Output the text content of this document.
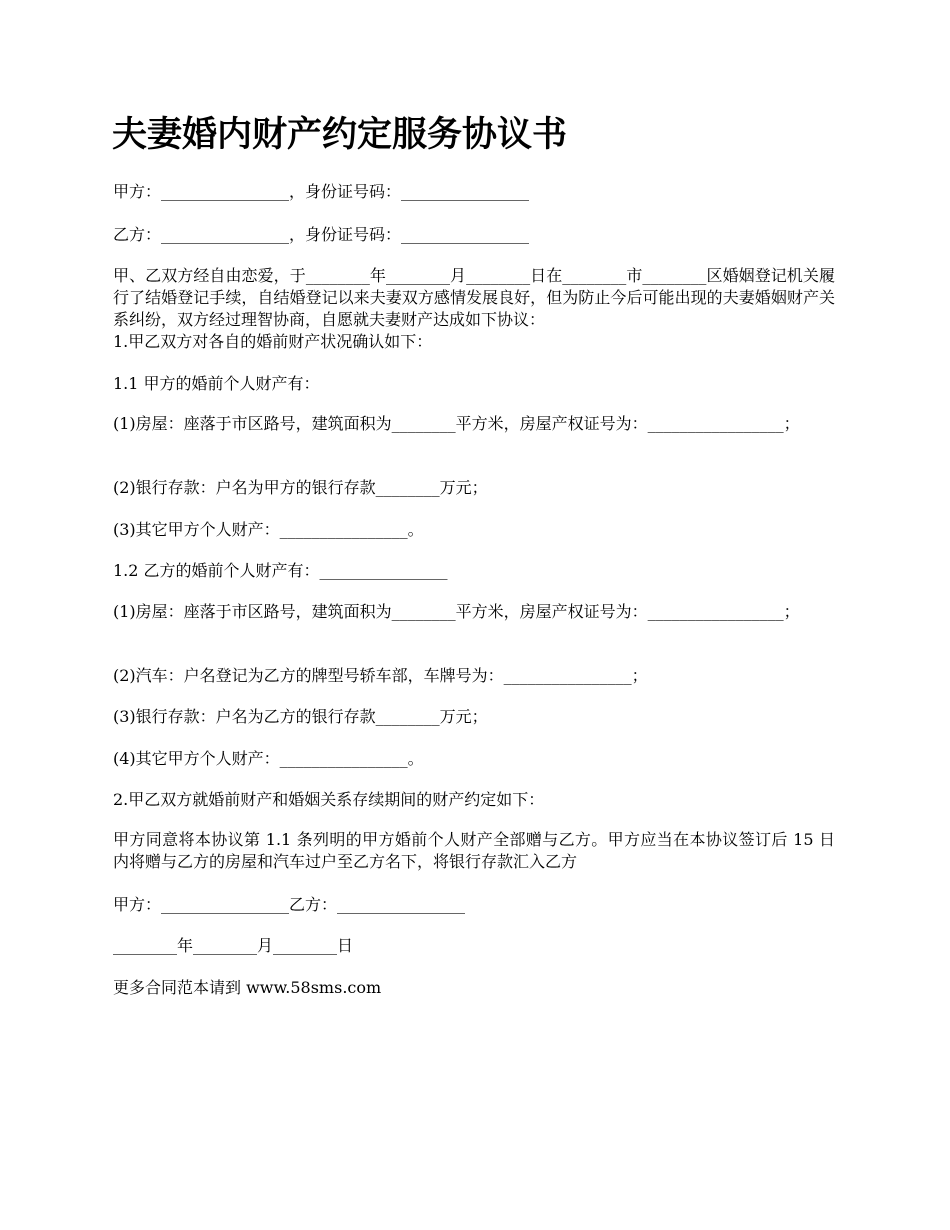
夫妻婚内财产约定服务协议书

甲方：________________，身份证号码：________________

乙方：________________，身份证号码：________________

甲、乙双方经自由恋爱，于________年________月________日在________市________区婚姻登记机关履行了结婚登记手续，自结婚登记以来夫妻双方感情发展良好，但为防止今后可能出现的夫妻婚姻财产关系纠纷，双方经过理智协商，自愿就夫妻财产达成如下协议：

1.甲乙双方对各自的婚前财产状况确认如下：

1.1 甲方的婚前个人财产有：

(1)房屋：座落于市区路号，建筑面积为________平方米，房屋产权证号为：_________________；

(2)银行存款：户名为甲方的银行存款________万元；

(3)其它甲方个人财产：________________。

1.2 乙方的婚前个人财产有：________________

(1)房屋：座落于市区路号，建筑面积为________平方米，房屋产权证号为：_________________；

(2)汽车：户名登记为乙方的牌型号轿车部，车牌号为：________________；

(3)银行存款：户名为乙方的银行存款________万元；

(4)其它甲方个人财产：________________。

2.甲乙双方就婚前财产和婚姻关系存续期间的财产约定如下：

甲方同意将本协议第 1.1 条列明的甲方婚前个人财产全部赠与乙方。甲方应当在本协议签订后 15 日内将赠与乙方的房屋和汽车过户至乙方名下，将银行存款汇入乙方

甲方：________________乙方：________________

________年________月________日

更多合同范本请到 www.58sms.com
